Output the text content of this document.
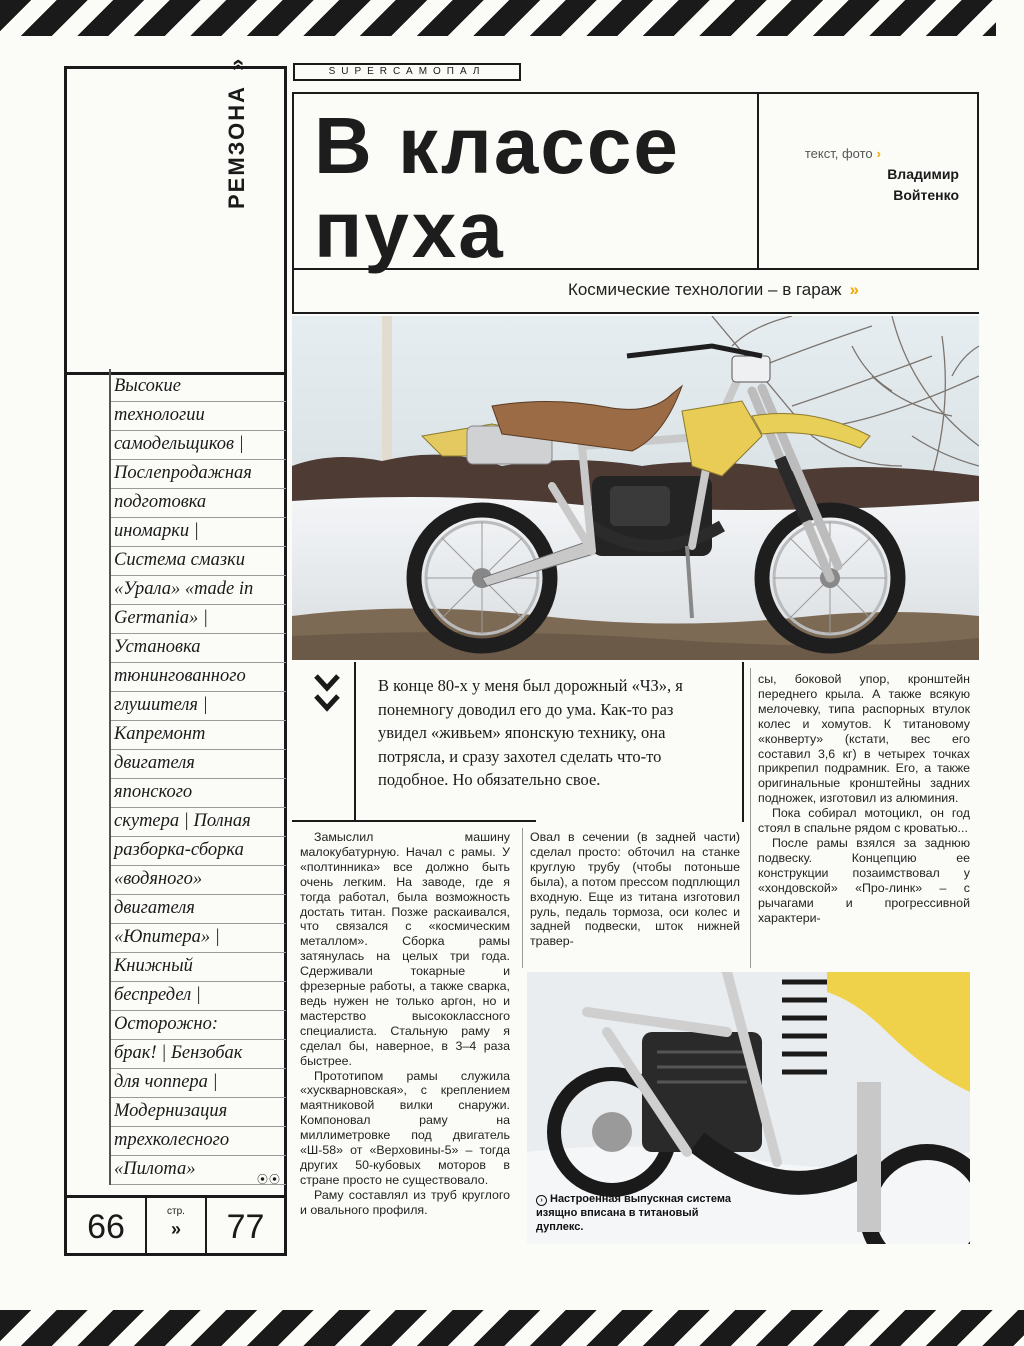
РЕМЗОНА»
Высокие
технологии
самодельщиков |
Послепродажная
подготовка
иномарки |
Система смазки
«Урала» «made in
Germania» |
Установка
тюнингованного
глушителя |
Капремонт
двигателя
японского
скутера | Полная
разборка-сборка
«водяного»
двигателя
«Юпитера» |
Книжный
беспредел |
Осторожно:
брак! | Бензобак
для чоппера |
Модернизация
трехколесного
«Пилота»
⦿⦿
66	стр.
»	77
SUPERСАМОПАЛ
В классе
пуха
текст, фото ›
Владимир
Войтенко
Космические технологии – в гараж »
В конце 80-х у меня был дорожный «ЧЗ», я понемногу доводил его до ума. Как-то раз увидел «живьем» японскую технику, она потрясла, и сразу захотел сделать что-то подобное. Но обязательно свое.

Замыслил машину малокубатурную. Начал с рамы. У «полтинника» все должно быть очень легким. На заводе, где я тогда работал, была возможность достать титан. Позже раскаивался, что связался с «космическим металлом». Сборка рамы затянулась на целых три года. Сдерживали токарные и фрезерные работы, а также сварка, ведь нужен не только аргон, но и мастерство высококлассного специалиста. Стальную раму я сделал бы, наверное, в 3–4 раза быстрее.

Прототипом рамы служила «хускварновская», с креплением маятниковой вилки снаружи. Компоновал раму на миллиметровке под двигатель «Ш-58» от «Верховины-5» – тогда других 50-кубовых моторов в стране просто не существовало.

Раму составлял из труб круглого и овального профиля.

Овал в сечении (в задней части) сделал просто: обточил на станке круглую трубу (чтобы потоньше была), а потом прессом подплющил входную. Еще из титана изготовил руль, педаль тормоза, оси колес и задней подвески, шток нижней травер-

сы, боковой упор, кронштейн переднего крыла. А также всякую мелочевку, типа распорных втулок колес и хомутов. К титановому «конверту» (кстати, вес его составил 3,6 кг) в четырех точках прикрепил подрамник. Его, а также оригинальные кронштейны задних подножек, изготовил из алюминия.

Пока собирал мотоцикл, он год стоял в спальне рядом с кроватью...

После рамы взялся за заднюю подвеску. Концепцию ее конструкции позаимствовал у «хондовской» «Про-линк» – с рычагами и прогрессивной характери-

› Настроенная выпускная система изящно вписана в титановый дуплекс.
